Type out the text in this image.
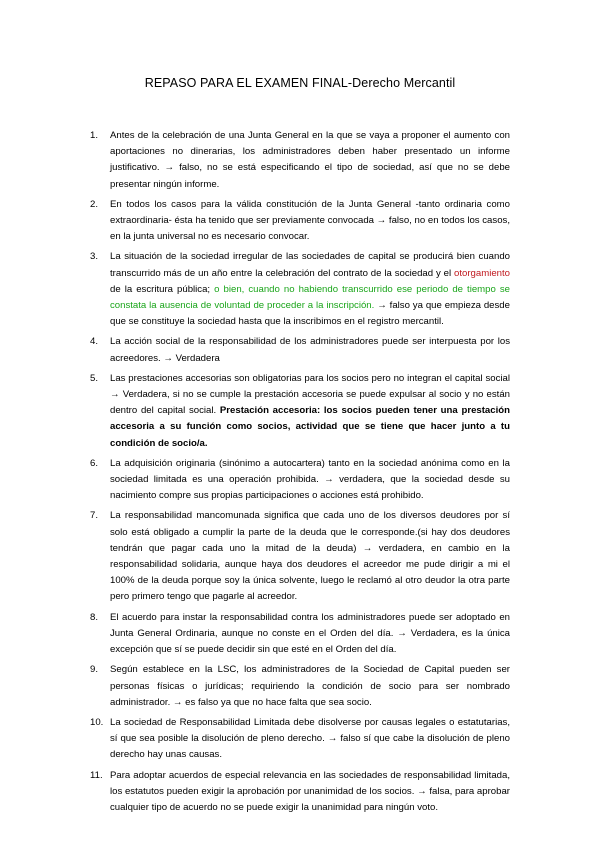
REPASO PARA EL EXAMEN FINAL-Derecho Mercantil
1.	Antes de la celebración de una Junta General en la que se vaya a proponer el aumento con aportaciones no dinerarias, los administradores deben haber presentado un informe justificativo. → falso, no se está especificando el tipo de sociedad, así que no se debe presentar ningún informe.
2.	En todos los casos para la válida constitución de la Junta General -tanto ordinaria como extraordinaria- ésta ha tenido que ser previamente convocada → falso, no en todos los casos, en la junta universal no es necesario convocar.
3.	La situación de la sociedad irregular de las sociedades de capital se producirá bien cuando transcurrido más de un año entre la celebración del contrato de la sociedad y el otorgamiento de la escritura pública; o bien, cuando no habiendo transcurrido ese periodo de tiempo se constata la ausencia de voluntad de proceder a la inscripción. → falso ya que empieza desde que se constituye la sociedad hasta que la inscribimos en el registro mercantil.
4.	La acción social de la responsabilidad de los administradores puede ser interpuesta por los acreedores. → Verdadera
5.	Las prestaciones accesorias son obligatorias para los socios pero no integran el capital social → Verdadera, si no se cumple la prestación accesoria se puede expulsar al socio y no están dentro del capital social. Prestación accesoria: los socios pueden tener una prestación accesoria a su función como socios, actividad que se tiene que hacer junto a tu condición de socio/a.
6.	La adquisición originaria (sinónimo a autocartera) tanto en la sociedad anónima como en la sociedad limitada es una operación prohibida. → verdadera, que la sociedad desde su nacimiento compre sus propias participaciones o acciones está prohibido.
7.	La responsabilidad mancomunada significa que cada uno de los diversos deudores por sí solo está obligado a cumplir la parte de la deuda que le corresponde.(si hay dos deudores tendrán que pagar cada uno la mitad de la deuda) → verdadera, en cambio en la responsabilidad solidaria, aunque haya dos deudores el acreedor me pude dirigir a mi el 100% de la deuda porque soy la única solvente, luego le reclamó al otro deudor la otra parte pero primero tengo que pagarle al acreedor.
8.	El acuerdo para instar la responsabilidad contra los administradores puede ser adoptado en Junta General Ordinaria, aunque no conste en el Orden del día. → Verdadera, es la única excepción que sí se puede decidir sin que esté en el Orden del día.
9.	Según establece en la LSC, los administradores de la Sociedad de Capital pueden ser personas físicas o jurídicas; requiriendo la condición de socio para ser nombrado administrador. → es falso ya que no hace falta que sea socio.
10. La sociedad de Responsabilidad Limitada debe disolverse por causas legales o estatutarias, sí que sea posible la disolución de pleno derecho. → falso sí que cabe la disolución de pleno derecho hay unas causas.
11. Para adoptar acuerdos de especial relevancia en las sociedades de responsabilidad limitada, los estatutos pueden exigir la aprobación por unanimidad de los socios. → falsa, para aprobar cualquier tipo de acuerdo no se puede exigir la unanimidad para ningún voto.
